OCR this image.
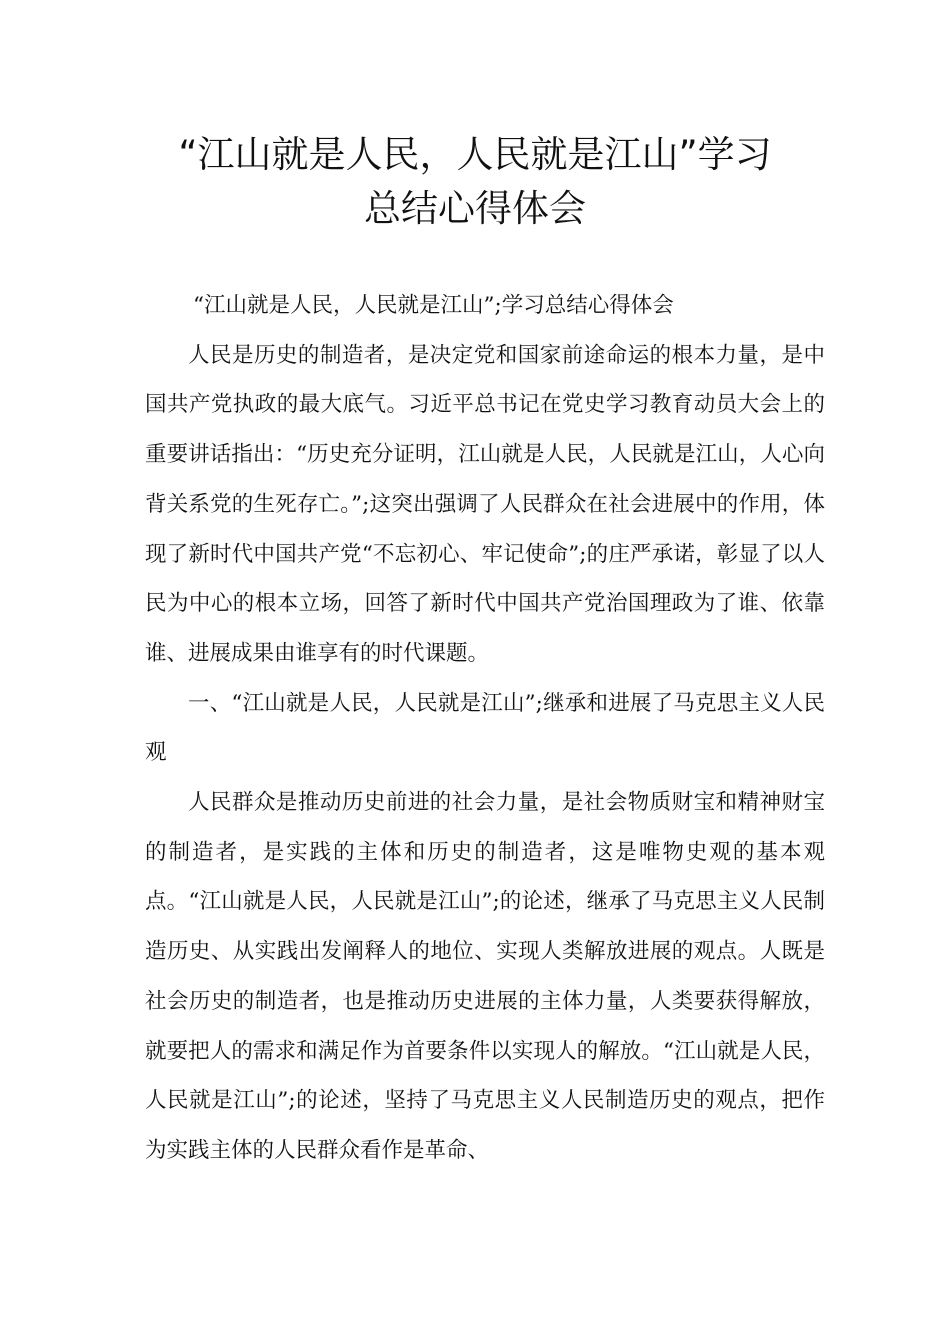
“江山就是人民，人民就是江山”学习
总结心得体会

“江山就是人民，人民就是江山”;学习总结心得体会

人民是历史的制造者，是决定党和国家前途命运的根本力量，是中国共产党执政的最大底气。习近平总书记在党史学习教育动员大会上的重要讲话指出：“历史充分证明，江山就是人民，人民就是江山，人心向背关系党的生死存亡。”;这突出强调了人民群众在社会进展中的作用，体现了新时代中国共产党“不忘初心、牢记使命”;的庄严承诺，彰显了以人民为中心的根本立场，回答了新时代中国共产党治国理政为了谁、依靠谁、进展成果由谁享有的时代课题。

一、“江山就是人民，人民就是江山”;继承和进展了马克思主义人民观

人民群众是推动历史前进的社会力量，是社会物质财宝和精神财宝的制造者，是实践的主体和历史的制造者，这是唯物史观的基本观点。“江山就是人民，人民就是江山”;的论述，继承了马克思主义人民制造历史、从实践出发阐释人的地位、实现人类解放进展的观点。人既是社会历史的制造者，也是推动历史进展的主体力量，人类要获得解放，就要把人的需求和满足作为首要条件以实现人的解放。“江山就是人民，人民就是江山”;的论述，坚持了马克思主义人民制造历史的观点，把作为实践主体的人民群众看作是革命、
